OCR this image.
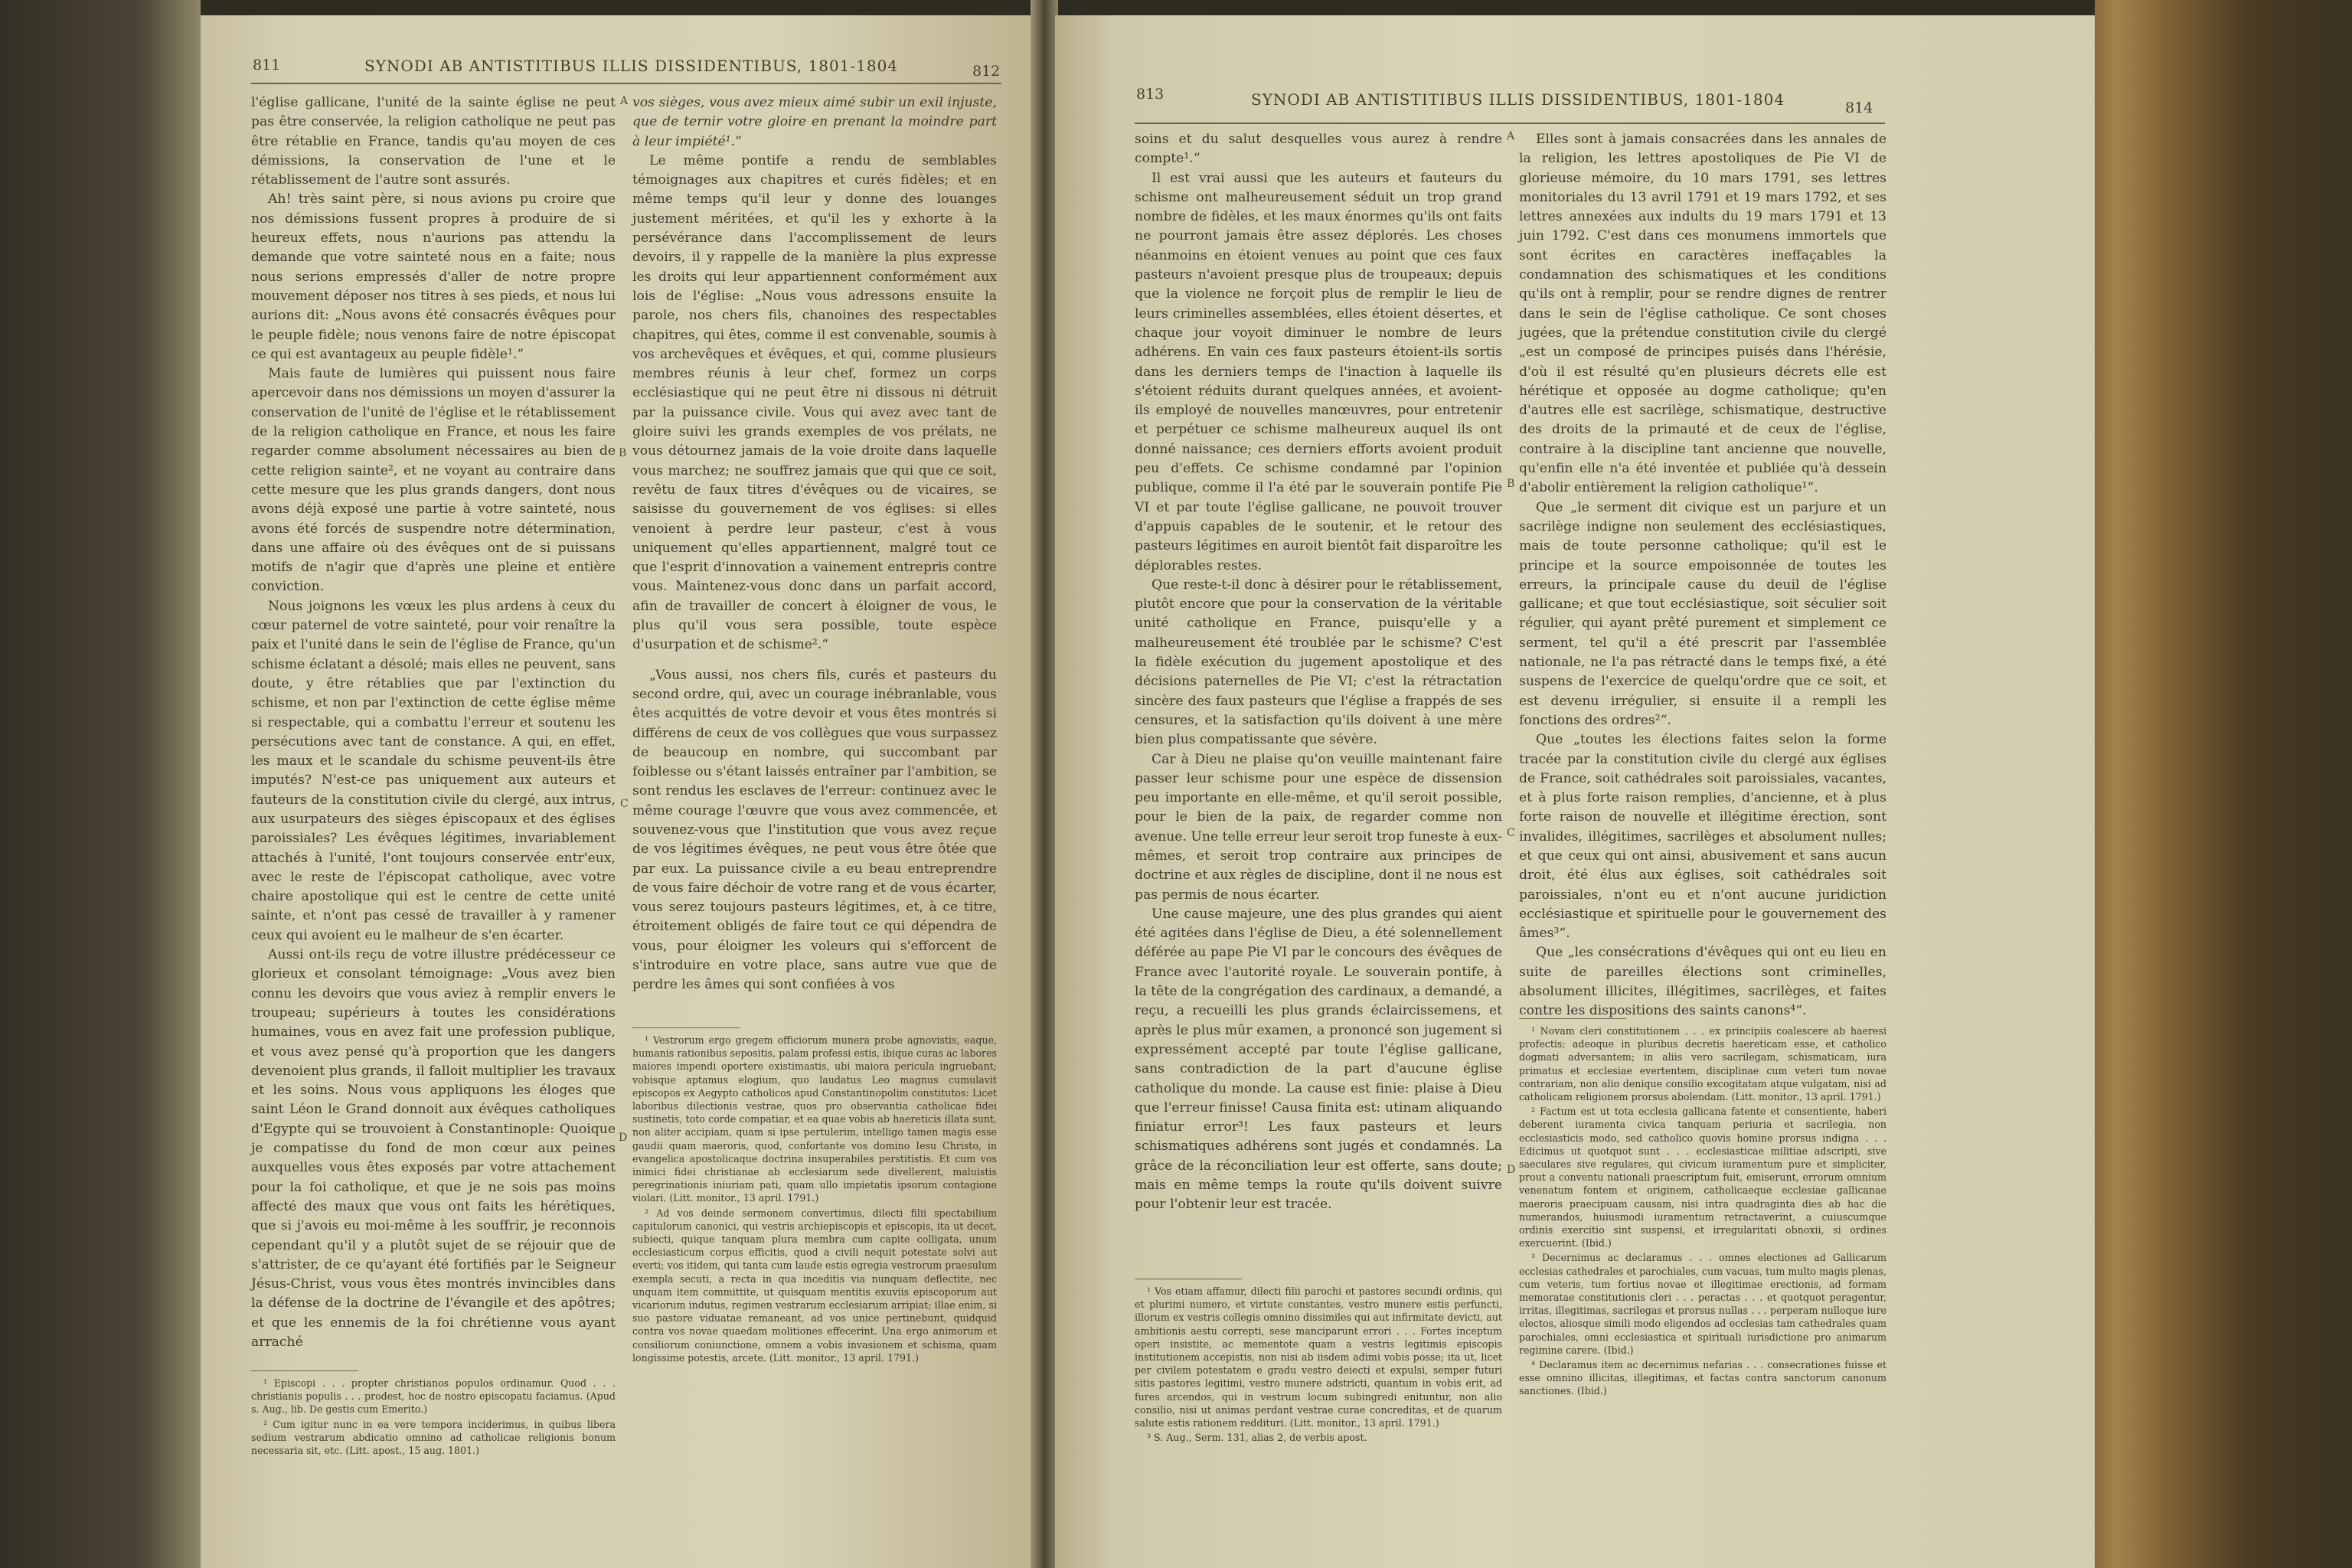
811	SYNODI AB ANTISTITIBUS ILLIS DISSIDENTIBUS, 1801-1804	812

l'église gallicane, l'unité de la sainte église ne peut pas être conservée, la religion catholique ne peut pas être rétablie en France, tandis qu'au moyen de ces démissions, la conservation de l'une et le rétablissement de l'autre sont assurés.

Ah! très saint père, si nous avions pu croire que nos démissions fussent propres à produire de si heureux effets, nous n'aurions pas attendu la demande que votre sainteté nous en a faite; nous nous serions empressés d'aller de notre propre mouvement déposer nos titres à ses pieds, et nous lui aurions dit: „Nous avons été consacrés évêques pour le peuple fidèle; nous venons faire de notre épiscopat ce qui est avantageux au peuple fidèle¹.“

Mais faute de lumières qui puissent nous faire apercevoir dans nos démissions un moyen d'assurer la conservation de l'unité de l'église et le rétablissement de la religion catholique en France, et nous les faire regarder comme absolument nécessaires au bien de cette religion sainte², et ne voyant au contraire dans cette mesure que les plus grands dangers, dont nous avons déjà exposé une partie à votre sainteté, nous avons été forcés de suspendre notre détermination, dans une affaire où des évêques ont de si puissans motifs de n'agir que d'après une pleine et entière conviction.

Nous joignons les vœux les plus ardens à ceux du cœur paternel de votre sainteté, pour voir renaître la paix et l'unité dans le sein de l'église de France, qu'un schisme éclatant a désolé; mais elles ne peuvent, sans doute, y être rétablies que par l'extinction du schisme, et non par l'extinction de cette église même si respectable, qui a combattu l'erreur et soutenu les persécutions avec tant de constance. A qui, en effet, les maux et le scandale du schisme peuvent-ils être imputés? N'est-ce pas uniquement aux auteurs et fauteurs de la constitution civile du clergé, aux intrus, aux usurpateurs des sièges épiscopaux et des églises paroissiales? Les évêques légitimes, invariablement attachés à l'unité, l'ont toujours conservée entr'eux, avec le reste de l'épiscopat catholique, avec votre chaire apostolique qui est le centre de cette unité sainte, et n'ont pas cessé de travailler à y ramener ceux qui avoient eu le malheur de s'en écarter.

Aussi ont-ils reçu de votre illustre prédécesseur ce glorieux et consolant témoignage: „Vous avez bien connu les devoirs que vous aviez à remplir envers le troupeau; supérieurs à toutes les considérations humaines, vous en avez fait une profession publique, et vous avez pensé qu'à proportion que les dangers devenoient plus grands, il falloit multiplier les travaux et les soins. Nous vous appliquons les éloges que saint Léon le Grand donnoit aux évêques catholiques d'Egypte qui se trouvoient à Constantinople: Quoique je compatisse du fond de mon cœur aux peines auxquelles vous êtes exposés par votre attachement pour la foi catholique, et que je ne sois pas moins affecté des maux que vous ont faits les hérétiques, que si j'avois eu moi-même à les souffrir, je reconnois cependant qu'il y a plutôt sujet de se réjouir que de s'attrister, de ce qu'ayant été fortifiés par le Seigneur Jésus-Christ, vous vous êtes montrés invincibles dans la défense de la doctrine de l'évangile et des apôtres; et que les ennemis de la foi chrétienne vous ayant arraché

A
B
C
D

vos sièges, vous avez mieux aimé subir un exil injuste, que de ternir votre gloire en prenant la moindre part à leur impiété¹.“

Le même pontife a rendu de semblables témoignages aux chapitres et curés fidèles; et en même temps qu'il leur y donne des louanges justement méritées, et qu'il les y exhorte à la persévérance dans l'accomplissement de leurs devoirs, il y rappelle de la manière la plus expresse les droits qui leur appartiennent conformément aux lois de l'église: „Nous vous adressons ensuite la parole, nos chers fils, chanoines des respectables chapitres, qui êtes, comme il est convenable, soumis à vos archevêques et évêques, et qui, comme plusieurs membres réunis à leur chef, formez un corps ecclésiastique qui ne peut être ni dissous ni détruit par la puissance civile. Vous qui avez avec tant de gloire suivi les grands exemples de vos prélats, ne vous détournez jamais de la voie droite dans laquelle vous marchez; ne souffrez jamais que qui que ce soit, revêtu de faux titres d'évêques ou de vicaires, se saisisse du gouvernement de vos églises: si elles venoient à perdre leur pasteur, c'est à vous uniquement qu'elles appartiennent, malgré tout ce que l'esprit d'innovation a vainement entrepris contre vous. Maintenez-vous donc dans un parfait accord, afin de travailler de concert à éloigner de vous, le plus qu'il vous sera possible, toute espèce d'usurpation et de schisme².“

„Vous aussi, nos chers fils, curés et pasteurs du second ordre, qui, avec un courage inébranlable, vous êtes acquittés de votre devoir et vous êtes montrés si différens de ceux de vos collègues que vous surpassez de beaucoup en nombre, qui succombant par foiblesse ou s'étant laissés entraîner par l'ambition, se sont rendus les esclaves de l'erreur: continuez avec le même courage l'œuvre que vous avez commencée, et souvenez-vous que l'institution que vous avez reçue de vos légitimes évêques, ne peut vous être ôtée que par eux. La puissance civile a eu beau entreprendre de vous faire déchoir de votre rang et de vous écarter, vous serez toujours pasteurs légitimes, et, à ce titre, étroitement obligés de faire tout ce qui dépendra de vous, pour éloigner les voleurs qui s'efforcent de s'introduire en votre place, sans autre vue que de perdre les âmes qui sont confiées à vos

¹ Episcopi . . . propter christianos populos ordinamur. Quod . . . christianis populis . . . prodest, hoc de nostro episcopatu faciamus. (Apud s. Aug., lib. De gestis cum Emerito.)

² Cum igitur nunc in ea vere tempora inciderimus, in quibus libera sedium vestrarum abdicatio omnino ad catholicae religionis bonum necessaria sit, etc. (Litt. apost., 15 aug. 1801.)

¹ Vestrorum ergo gregem officiorum munera probe agnovistis, eaque, humanis rationibus sepositis, palam professi estis, ibique curas ac labores maiores impendi oportere existimastis, ubi maiora pericula ingruebant; vobisque aptamus elogium, quo laudatus Leo magnus cumulavit episcopos ex Aegypto catholicos apud Constantinopolim constitutos: Licet laboribus dilectionis vestrae, quos pro observantia catholicae fidei sustinetis, toto corde compatiar, et ea quae vobis ab haereticis illata sunt, non aliter accipiam, quam si ipse pertulerim, intelligo tamen magis esse gaudii quam maeroris, quod, confortante vos domino Iesu Christo, in evangelica apostolicaque doctrina insuperabiles perstitistis. Et cum vos inimici fidei christianae ab ecclesiarum sede divellerent, maluistis peregrinationis iniuriam pati, quam ullo impietatis ipsorum contagione violari. (Litt. monitor., 13 april. 1791.)

² Ad vos deinde sermonem convertimus, dilecti filii spectabilium capitulorum canonici, qui vestris archiepiscopis et episcopis, ita ut decet, subiecti, quique tanquam plura membra cum capite colligata, unum ecclesiasticum corpus efficitis, quod a civili nequit potestate solvi aut everti; vos itidem, qui tanta cum laude estis egregia vestrorum praesulum exempla secuti, a recta in qua inceditis via nunquam deflectite, nec unquam item committite, ut quisquam mentitis exuviis episcoporum aut vicariorum indutus, regimen vestrarum ecclesiarum arripiat; illae enim, si suo pastore viduatae remaneant, ad vos unice pertinebunt, quidquid contra vos novae quaedam molitiones effecerint. Una ergo animorum et consiliorum coniunctione, omnem a vobis invasionem et schisma, quam longissime potestis, arcete. (Litt. monitor., 13 april. 1791.)

813	SYNODI AB ANTISTITIBUS ILLIS DISSIDENTIBUS, 1801-1804	814

soins et du salut desquelles vous aurez à rendre compte¹.“

Il est vrai aussi que les auteurs et fauteurs du schisme ont malheureusement séduit un trop grand nombre de fidèles, et les maux énormes qu'ils ont faits ne pourront jamais être assez déplorés. Les choses néanmoins en étoient venues au point que ces faux pasteurs n'avoient presque plus de troupeaux; depuis que la violence ne forçoit plus de remplir le lieu de leurs criminelles assemblées, elles étoient désertes, et chaque jour voyoit diminuer le nombre de leurs adhérens. En vain ces faux pasteurs étoient-ils sortis dans les derniers temps de l'inaction à laquelle ils s'étoient réduits durant quelques années, et avoient-ils employé de nouvelles manœuvres, pour entretenir et perpétuer ce schisme malheureux auquel ils ont donné naissance; ces derniers efforts avoient produit peu d'effets. Ce schisme condamné par l'opinion publique, comme il l'a été par le souverain pontife Pie VI et par toute l'église gallicane, ne pouvoit trouver d'appuis capables de le soutenir, et le retour des pasteurs légitimes en auroit bientôt fait disparoître les déplorables restes.

Que reste-t-il donc à désirer pour le rétablissement, plutôt encore que pour la conservation de la véritable unité catholique en France, puisqu'elle y a malheureusement été troublée par le schisme? C'est la fidèle exécution du jugement apostolique et des décisions paternelles de Pie VI; c'est la rétractation sincère des faux pasteurs que l'église a frappés de ses censures, et la satisfaction qu'ils doivent à une mère bien plus compatissante que sévère.

Car à Dieu ne plaise qu'on veuille maintenant faire passer leur schisme pour une espèce de dissension peu importante en elle-même, et qu'il seroit possible, pour le bien de la paix, de regarder comme non avenue. Une telle erreur leur seroit trop funeste à eux-mêmes, et seroit trop contraire aux principes de doctrine et aux règles de discipline, dont il ne nous est pas permis de nous écarter.

Une cause majeure, une des plus grandes qui aient été agitées dans l'église de Dieu, a été solennellement déférée au pape Pie VI par le concours des évêques de France avec l'autorité royale. Le souverain pontife, à la tête de la congrégation des cardinaux, a demandé, a reçu, a recueilli les plus grands éclaircissemens, et après le plus mûr examen, a prononcé son jugement si expressément accepté par toute l'église gallicane, sans contradiction de la part d'aucune église catholique du monde. La cause est finie: plaise à Dieu que l'erreur finisse! Causa finita est: utinam aliquando finiatur error³! Les faux pasteurs et leurs schismatiques adhérens sont jugés et condamnés. La grâce de la réconciliation leur est offerte, sans doute; mais en même temps la route qu'ils doivent suivre pour l'obtenir leur est tracée.

A
B
C
D

Elles sont à jamais consacrées dans les annales de la religion, les lettres apostoliques de Pie VI de glorieuse mémoire, du 10 mars 1791, ses lettres monitoriales du 13 avril 1791 et 19 mars 1792, et ses lettres annexées aux indults du 19 mars 1791 et 13 juin 1792. C'est dans ces monumens immortels que sont écrites en caractères ineffaçables la condamnation des schismatiques et les conditions qu'ils ont à remplir, pour se rendre dignes de rentrer dans le sein de l'église catholique. Ce sont choses jugées, que la prétendue constitution civile du clergé „est un composé de principes puisés dans l'hérésie, d'où il est résulté qu'en plusieurs décrets elle est hérétique et opposée au dogme catholique; qu'en d'autres elle est sacrilège, schismatique, destructive des droits de la primauté et de ceux de l'église, contraire à la discipline tant ancienne que nouvelle, qu'enfin elle n'a été inventée et publiée qu'à dessein d'abolir entièrement la religion catholique¹“.

Que „le serment dit civique est un parjure et un sacrilège indigne non seulement des ecclésiastiques, mais de toute personne catholique; qu'il est le principe et la source empoisonnée de toutes les erreurs, la principale cause du deuil de l'église gallicane; et que tout ecclésiastique, soit séculier soit régulier, qui ayant prêté purement et simplement ce serment, tel qu'il a été prescrit par l'assemblée nationale, ne l'a pas rétracté dans le temps fixé, a été suspens de l'exercice de quelqu'ordre que ce soit, et est devenu irrégulier, si ensuite il a rempli les fonctions des ordres²“.

Que „toutes les élections faites selon la forme tracée par la constitution civile du clergé aux églises de France, soit cathédrales soit paroissiales, vacantes, et à plus forte raison remplies, d'ancienne, et à plus forte raison de nouvelle et illégitime érection, sont invalides, illégitimes, sacrilèges et absolument nulles; et que ceux qui ont ainsi, abusivement et sans aucun droit, été élus aux églises, soit cathédrales soit paroissiales, n'ont eu et n'ont aucune juridiction ecclésiastique et spirituelle pour le gouvernement des âmes³“.

Que „les consécrations d'évêques qui ont eu lieu en suite de pareilles élections sont criminelles, absolument illicites, illégitimes, sacrilèges, et faites contre les dispositions des saints canons⁴“.

¹ Vos etiam affamur, dilecti filii parochi et pastores secundi ordinis, qui et plurimi numero, et virtute constantes, vestro munere estis perfuncti, illorum ex vestris collegis omnino dissimiles qui aut infirmitate devicti, aut ambitionis aestu correpti, sese manciparunt errori . . . Fortes inceptum operi insistite, ac mementote quam a vestris legitimis episcopis institutionem accepistis, non nisi ab iisdem adimi vobis posse; ita ut, licet per civilem potestatem e gradu vestro deiecti et expulsi, semper futuri sitis pastores legitimi, vestro munere adstricti, quantum in vobis erit, ad fures arcendos, qui in vestrum locum subingredi enituntur, non alio consilio, nisi ut animas perdant vestrae curae concreditas, et de quarum salute estis rationem reddituri. (Litt. monitor., 13 april. 1791.)

³ S. Aug., Serm. 131, alias 2, de verbis apost.

¹ Novam cleri constitutionem . . . ex principiis coalescere ab haeresi profectis; adeoque in pluribus decretis haereticam esse, et catholico dogmati adversantem; in aliis vero sacrilegam, schismaticam, iura primatus et ecclesiae evertentem, disciplinae cum veteri tum novae contrariam, non alio denique consilio excogitatam atque vulgatam, nisi ad catholicam religionem prorsus abolendam. (Litt. monitor., 13 april. 1791.)

² Factum est ut tota ecclesia gallicana fatente et consentiente, haberi deberent iuramenta civica tanquam periuria et sacrilegia, non ecclesiasticis modo, sed catholico quovis homine prorsus indigna . . . Edicimus ut quotquot sunt . . . ecclesiasticae militiae adscripti, sive saeculares sive regulares, qui civicum iuramentum pure et simpliciter, prout a conventu nationali praescriptum fuit, emiserunt, errorum omnium venenatum fontem et originem, catholicaeque ecclesiae gallicanae maeroris praecipuam causam, nisi intra quadraginta dies ab hac die numerandos, huiusmodi iuramentum retractaverint, a cuiuscumque ordinis exercitio sint suspensi, et irregularitati obnoxii, si ordines exercuerint. (Ibid.)

³ Decernimus ac declaramus . . . omnes electiones ad Gallicarum ecclesias cathedrales et parochiales, cum vacuas, tum multo magis plenas, cum veteris, tum fortius novae et illegitimae erectionis, ad formam memoratae constitutionis cleri . . . peractas . . . et quotquot peragentur, irritas, illegitimas, sacrilegas et prorsus nullas . . . perperam nulloque iure electos, aliosque simili modo eligendos ad ecclesias tam cathedrales quam parochiales, omni ecclesiastica et spirituali iurisdictione pro animarum regimine carere. (Ibid.)

⁴ Declaramus item ac decernimus nefarias . . . consecrationes fuisse et esse omnino illicitas, illegitimas, et factas contra sanctorum canonum sanctiones. (Ibid.)
